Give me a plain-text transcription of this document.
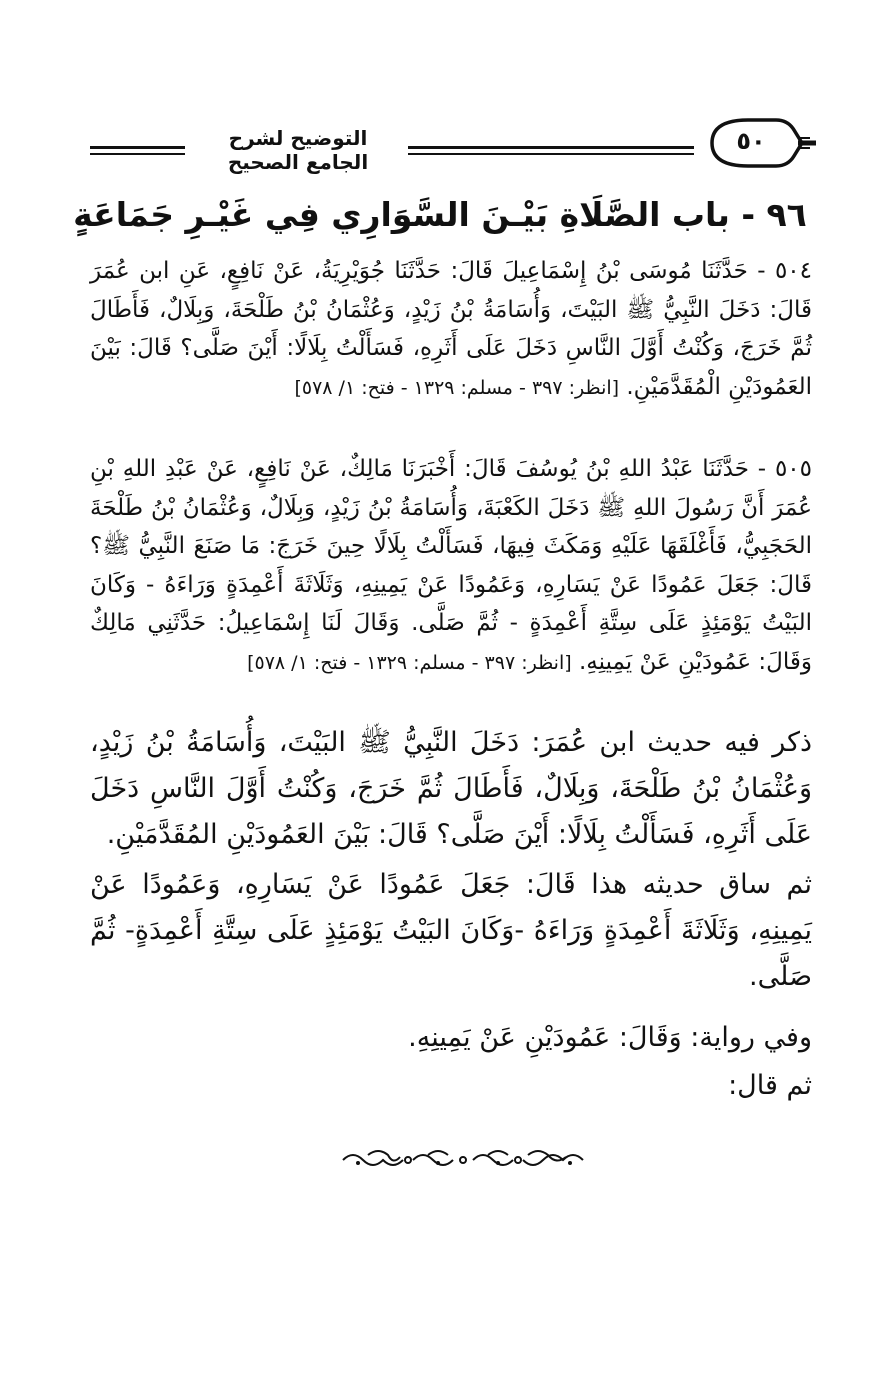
التوضيح لشرح الجامع الصحيح
٥٠
٩٦ - باب الصَّلَاةِ بَيْـنَ السَّوَارِي فِي غَيْـرِ جَمَاعَةٍ
٥٠٤ - حَدَّثَنَا مُوسَى بْنُ إِسْمَاعِيلَ قَالَ: حَدَّثَنَا جُوَيْرِيَةُ، عَنْ نَافِعٍ، عَنِ ابن عُمَرَ قَالَ: دَخَلَ النَّبِيُّ ﷺ البَيْتَ، وَأُسَامَةُ بْنُ زَيْدٍ، وَعُثْمَانُ بْنُ طَلْحَةَ، وَبِلَالٌ، فَأَطَالَ ثُمَّ خَرَجَ، وَكُنْتُ أَوَّلَ النَّاسِ دَخَلَ عَلَى أَثَرِهِ، فَسَأَلْتُ بِلَالًا: أَيْنَ صَلَّى؟ قَالَ: بَيْنَ العَمُودَيْنِ الْمُقَدَّمَيْنِ. [انظر: ٣٩٧ - مسلم: ١٣٢٩ - فتح: ١/ ٥٧٨]
٥٠٥ - حَدَّثَنَا عَبْدُ اللهِ بْنُ يُوسُفَ قَالَ: أَخْبَرَنَا مَالِكٌ، عَنْ نَافِعٍ، عَنْ عَبْدِ اللهِ بْنِ عُمَرَ أَنَّ رَسُولَ اللهِ ﷺ دَخَلَ الكَعْبَةَ، وَأُسَامَةُ بْنُ زَيْدٍ، وَبِلَالٌ، وَعُثْمَانُ بْنُ طَلْحَةَ الحَجَبِيُّ، فَأَغْلَقَهَا عَلَيْهِ وَمَكَثَ فِيهَا، فَسَأَلْتُ بِلَالًا حِينَ خَرَجَ: مَا صَنَعَ النَّبِيُّ ﷺ؟ قَالَ: جَعَلَ عَمُودًا عَنْ يَسَارِهِ، وَعَمُودًا عَنْ يَمِينِهِ، وَثَلَاثَةَ أَعْمِدَةٍ وَرَاءَهُ - وَكَانَ البَيْتُ يَوْمَئِذٍ عَلَى سِتَّةِ أَعْمِدَةٍ - ثُمَّ صَلَّى. وَقَالَ لَنَا إِسْمَاعِيلُ: حَدَّثَنِي مَالِكٌ وَقَالَ: عَمُودَيْنِ عَنْ يَمِينِهِ. [انظر: ٣٩٧ - مسلم: ١٣٢٩ - فتح: ١/ ٥٧٨]
ذكر فيه حديث ابن عُمَرَ: دَخَلَ النَّبِيُّ ﷺ البَيْتَ، وَأُسَامَةُ بْنُ زَيْدٍ، وَعُثْمَانُ بْنُ طَلْحَةَ، وَبِلَالٌ، فَأَطَالَ ثُمَّ خَرَجَ، وَكُنْتُ أَوَّلَ النَّاسِ دَخَلَ عَلَى أَثَرِهِ، فَسَأَلْتُ بِلَالًا: أَيْنَ صَلَّى؟ قَالَ: بَيْنَ العَمُودَيْنِ المُقَدَّمَيْنِ.
ثم ساق حديثه هذا قَالَ: جَعَلَ عَمُودًا عَنْ يَسَارِهِ، وَعَمُودًا عَنْ يَمِينِهِ، وَثَلَاثَةَ أَعْمِدَةٍ وَرَاءَهُ -وَكَانَ البَيْتُ يَوْمَئِذٍ عَلَى سِتَّةِ أَعْمِدَةٍ- ثُمَّ صَلَّى.
وفي رواية: وَقَالَ: عَمُودَيْنِ عَنْ يَمِينِهِ.
ثم قال:
